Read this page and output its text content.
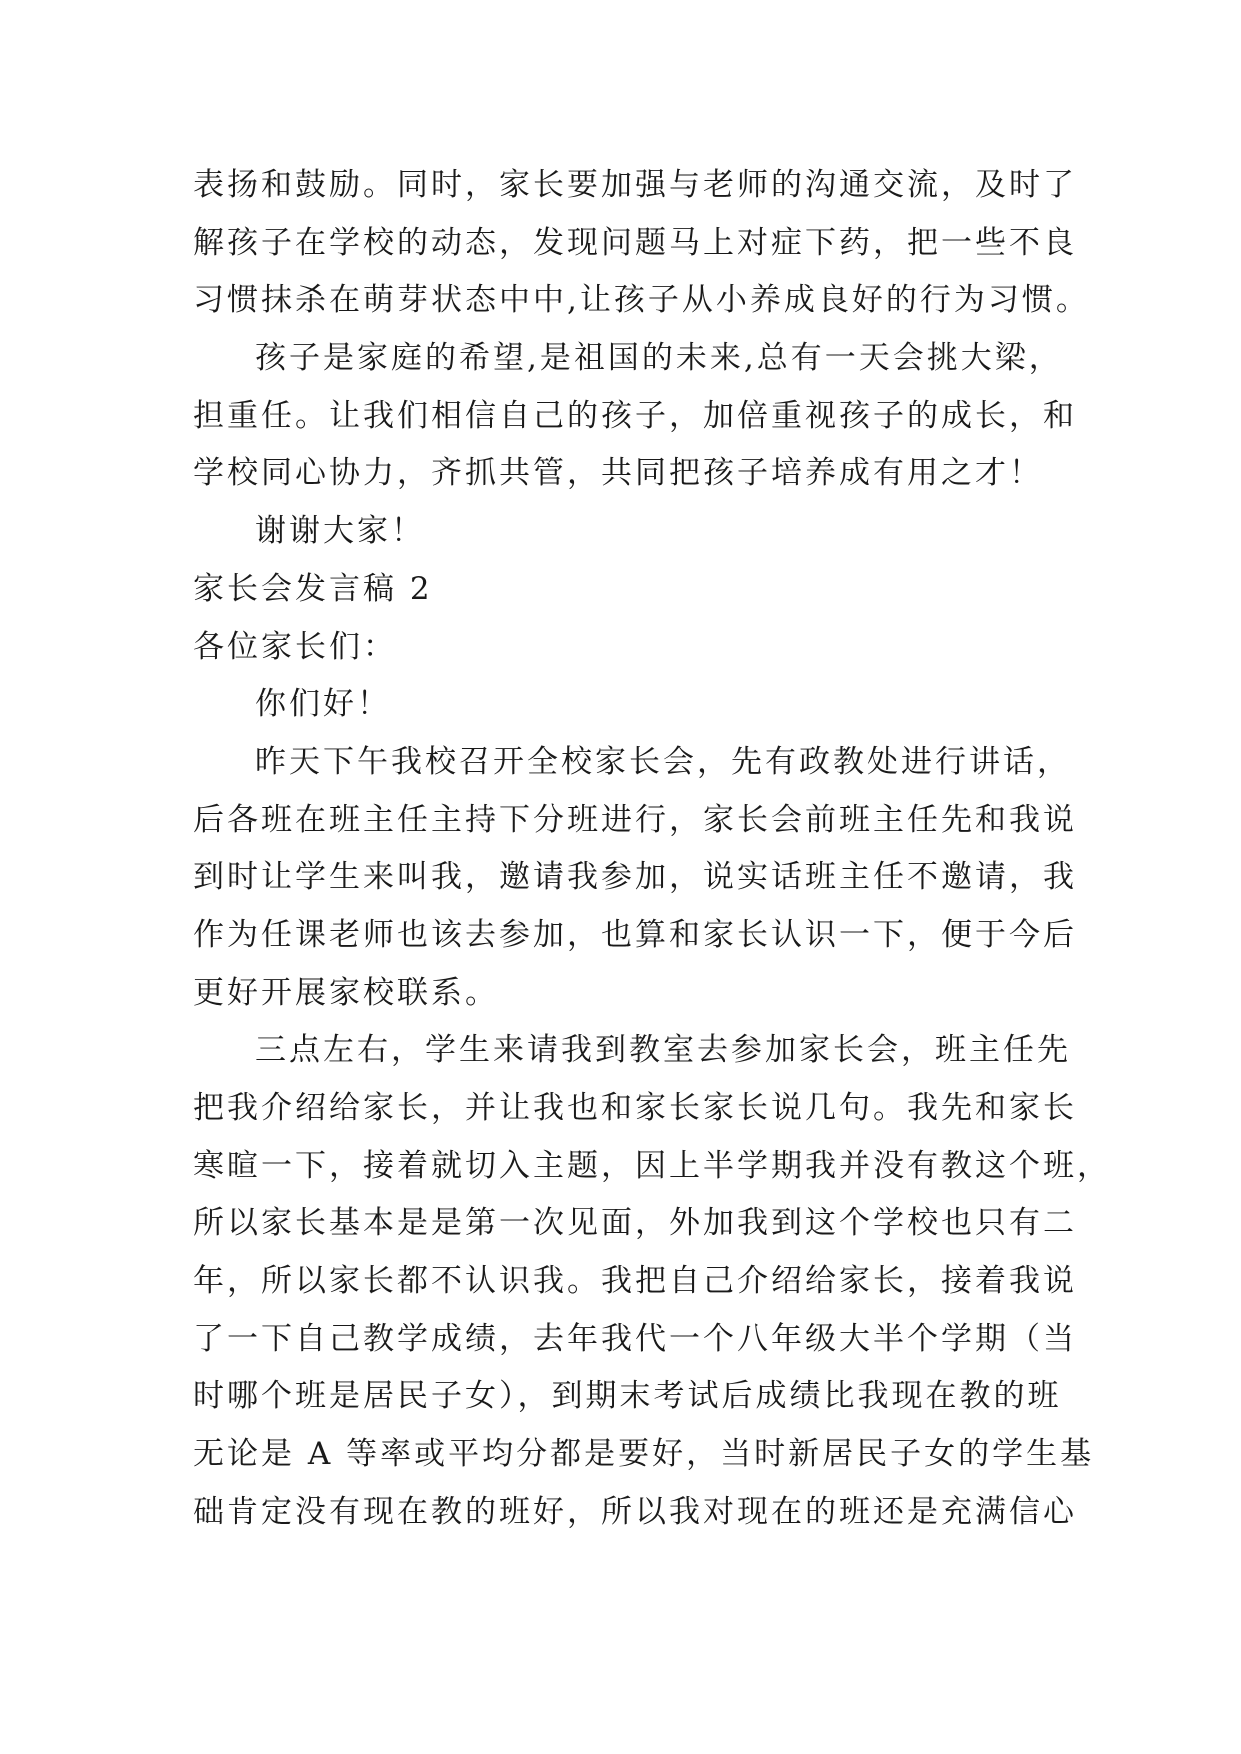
表扬和鼓励。同时，家长要加强与老师的沟通交流，及时了
解孩子在学校的动态，发现问题马上对症下药，把一些不良
习惯抹杀在萌芽状态中中,让孩子从小养成良好的行为习惯。
孩子是家庭的希望,是祖国的未来,总有一天会挑大梁，
担重任。让我们相信自己的孩子，加倍重视孩子的成长，和
学校同心协力，齐抓共管，共同把孩子培养成有用之才！
谢谢大家！
家长会发言稿 2
各位家长们：
你们好！
昨天下午我校召开全校家长会，先有政教处进行讲话，
后各班在班主任主持下分班进行，家长会前班主任先和我说
到时让学生来叫我，邀请我参加，说实话班主任不邀请，我
作为任课老师也该去参加，也算和家长认识一下，便于今后
更好开展家校联系。
三点左右，学生来请我到教室去参加家长会，班主任先
把我介绍给家长，并让我也和家长家长说几句。我先和家长
寒暄一下，接着就切入主题，因上半学期我并没有教这个班，
所以家长基本是是第一次见面，外加我到这个学校也只有二
年，所以家长都不认识我。我把自己介绍给家长，接着我说
了一下自己教学成绩，去年我代一个八年级大半个学期（当
时哪个班是居民子女），到期末考试后成绩比我现在教的班
无论是 A 等率或平均分都是要好，当时新居民子女的学生基
础肯定没有现在教的班好，所以我对现在的班还是充满信心
